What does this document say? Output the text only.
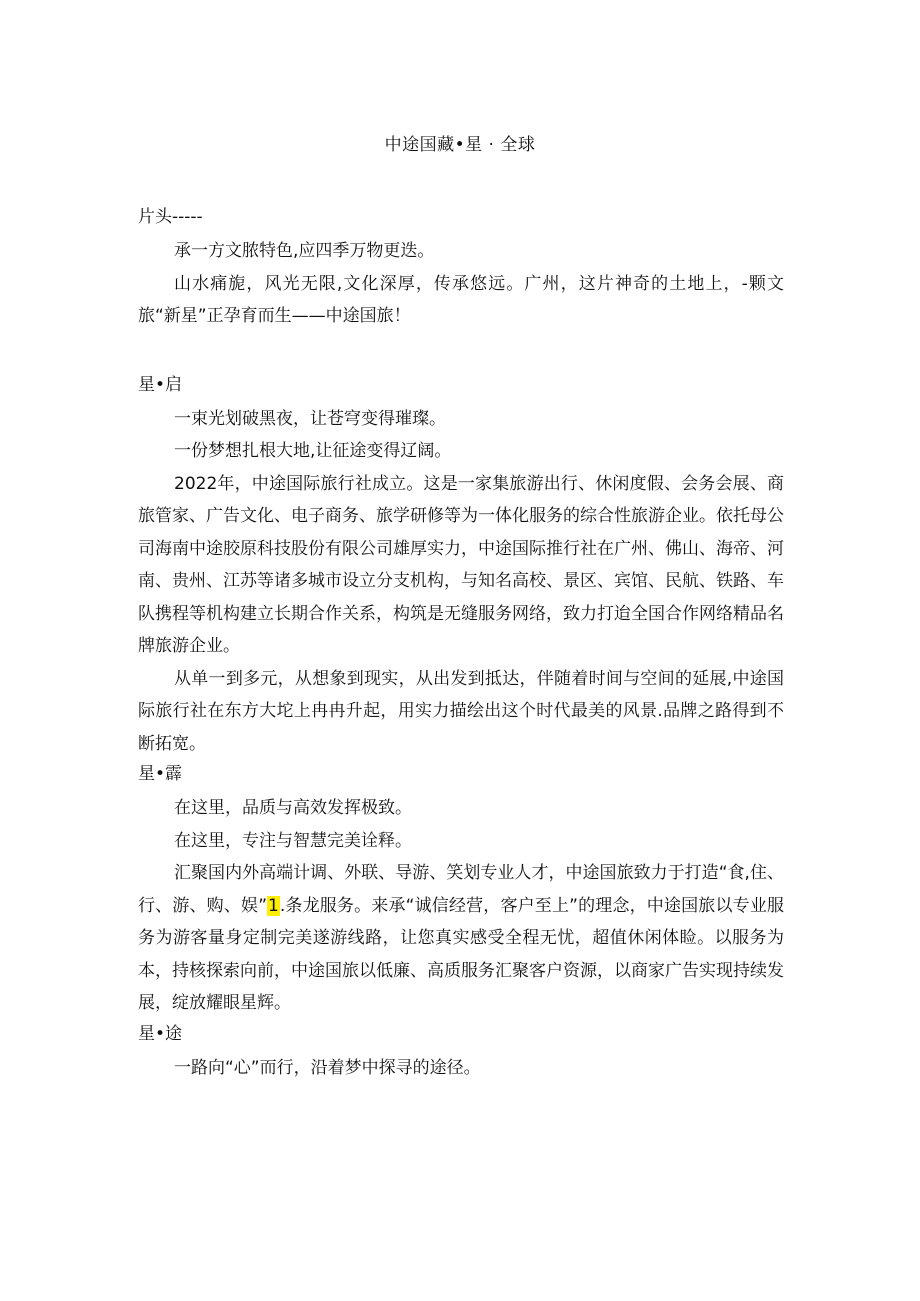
中途国藏•星 · 全球

片头-----

承一方文脓特色,应四季万物更迭。

山水痛旎，风光无限,文化深厚，传承悠远。广州，这片神奇的土地上，-颗文旅“新星”正孕育而生——中途国旅！

星•启

一束光划破黑夜，让苍穹变得璀璨。

一份梦想扎根大地,让征途变得辽阔。

2022年，中途国际旅行社成立。这是一家集旅游出行、休闲度假、会务会展、商旅管家、广告文化、电子商务、旅学研修等为一体化服务的综合性旅游企业。依托母公司海南中途胶原科技股份有限公司雄厚实力，中途国际推行社在广州、佛山、海帝、河南、贵州、江苏等诸多城市设立分支机构，与知名高校、景区、宾馆、民航、铁路、车队携程等机构建立长期合作关系，构筑是无缝服务网络，致力打迨全国合作网络精品名牌旅游企业。

从单一到多元，从想象到现实，从出发到抵达，伴随着时间与空间的延展,中途国际旅行社在东方大坨上冉冉升起，用实力描绘出这个时代最美的风景.品牌之路得到不断拓宽。

星•霹

在这里，品质与高效发挥极致。

在这里，专注与智慧完美诠释。

汇聚国内外高端计调、外联、导游、笑划专业人才，中途国旅致力于打造“食,住、行、游、购、娱”1.条龙服务。来承“诚信经营，客户至上”的理念，中途国旅以专业服务为游客量身定制完美遂游线路，让您真实感受全程无忧，超值休闲体睑。以服务为本，持核探索向前，中途国旅以低廉、高质服务汇聚客户资源，以商家广告实现持续发展，绽放耀眼星辉。

星•途

一路向“心”而行，沿着梦中探寻的途径。
